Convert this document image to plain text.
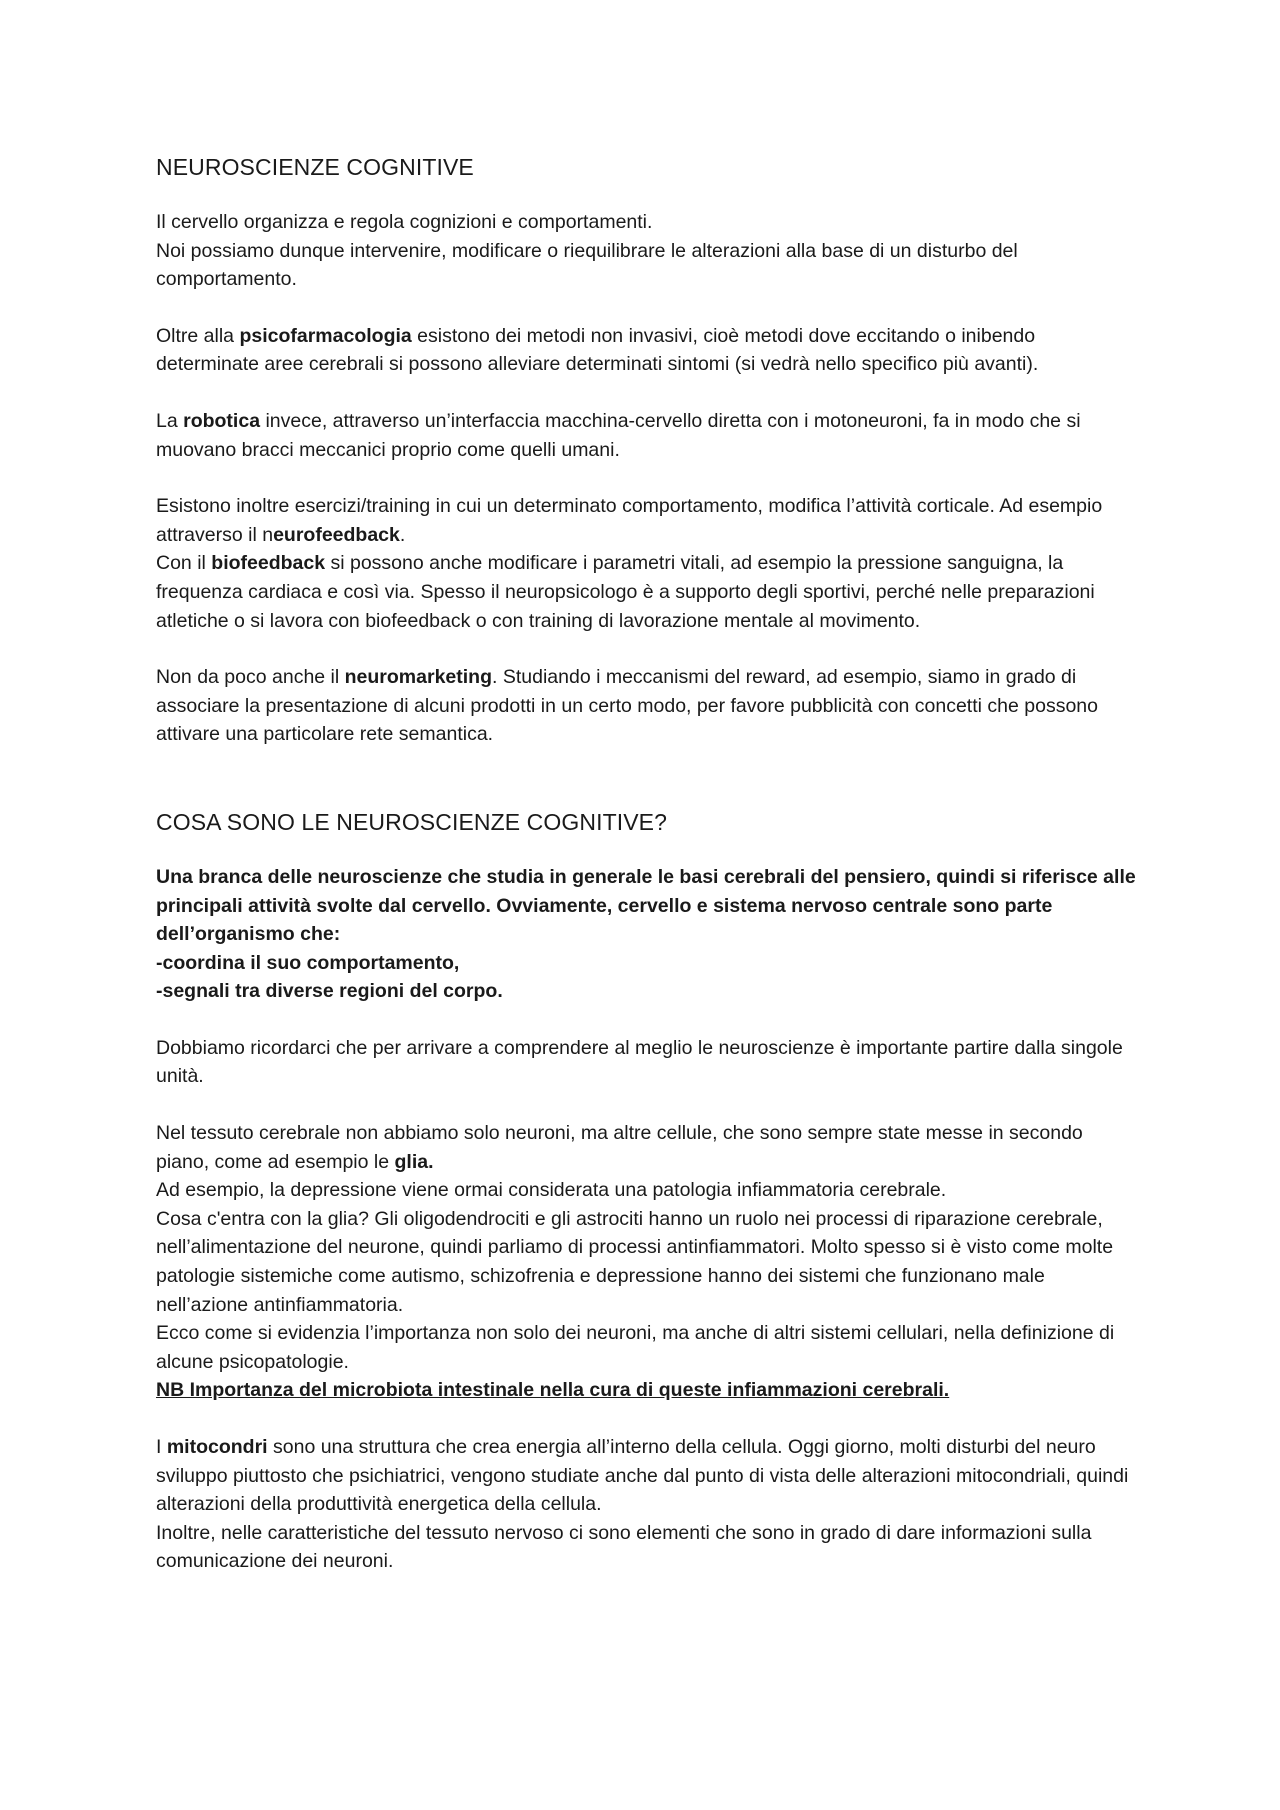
NEUROSCIENZE COGNITIVE

Il cervello organizza e regola cognizioni e comportamenti.
Noi possiamo dunque intervenire, modificare o riequilibrare le alterazioni alla base di un disturbo del comportamento.

Oltre alla psicofarmacologia esistono dei metodi non invasivi, cioè metodi dove eccitando o inibendo determinate aree cerebrali si possono alleviare determinati sintomi (si vedrà nello specifico più avanti).

La robotica invece, attraverso un’interfaccia macchina-cervello diretta con i motoneuroni, fa in modo che si muovano bracci meccanici proprio come quelli umani.

Esistono inoltre esercizi/training in cui un determinato comportamento, modifica l’attività corticale. Ad esempio attraverso il neurofeedback.

Con il biofeedback si possono anche modificare i parametri vitali, ad esempio la pressione sanguigna, la frequenza cardiaca e così via. Spesso il neuropsicologo è a supporto degli sportivi, perché nelle preparazioni atletiche o si lavora con biofeedback o con training di lavorazione mentale al movimento.

Non da poco anche il neuromarketing. Studiando i meccanismi del reward, ad esempio, siamo in grado di associare la presentazione di alcuni prodotti in un certo modo, per favore pubblicità con concetti che possono attivare una particolare rete semantica.

COSA SONO LE NEUROSCIENZE COGNITIVE?

Una branca delle neuroscienze che studia in generale le basi cerebrali del pensiero, quindi si riferisce alle principali attività svolte dal cervello. Ovviamente, cervello e sistema nervoso centrale sono parte dell’organismo che:
-coordina il suo comportamento,
-segnali tra diverse regioni del corpo.

Dobbiamo ricordarci che per arrivare a comprendere al meglio le neuroscienze è importante partire dalla singole unità.

Nel tessuto cerebrale non abbiamo solo neuroni, ma altre cellule, che sono sempre state messe in secondo piano, come ad esempio le glia.
Ad esempio, la depressione viene ormai considerata una patologia infiammatoria cerebrale.
Cosa c'entra con la glia? Gli oligodendrociti e gli astrociti hanno un ruolo nei processi di riparazione cerebrale, nell’alimentazione del neurone, quindi parliamo di processi antinfiammatori. Molto spesso si è visto come molte patologie sistemiche come autismo, schizofrenia e depressione hanno dei sistemi che funzionano male nell’azione antinfiammatoria.
Ecco come si evidenzia l’importanza non solo dei neuroni, ma anche di altri sistemi cellulari, nella definizione di alcune psicopatologie.
NB Importanza del microbiota intestinale nella cura di queste infiammazioni cerebrali.

I mitocondri sono una struttura che crea energia all’interno della cellula. Oggi giorno, molti disturbi del neuro sviluppo piuttosto che psichiatrici, vengono studiate anche dal punto di vista delle alterazioni mitocondriali, quindi alterazioni della produttività energetica della cellula.
Inoltre, nelle caratteristiche del tessuto nervoso ci sono elementi che sono in grado di dare informazioni sulla comunicazione dei neuroni.
